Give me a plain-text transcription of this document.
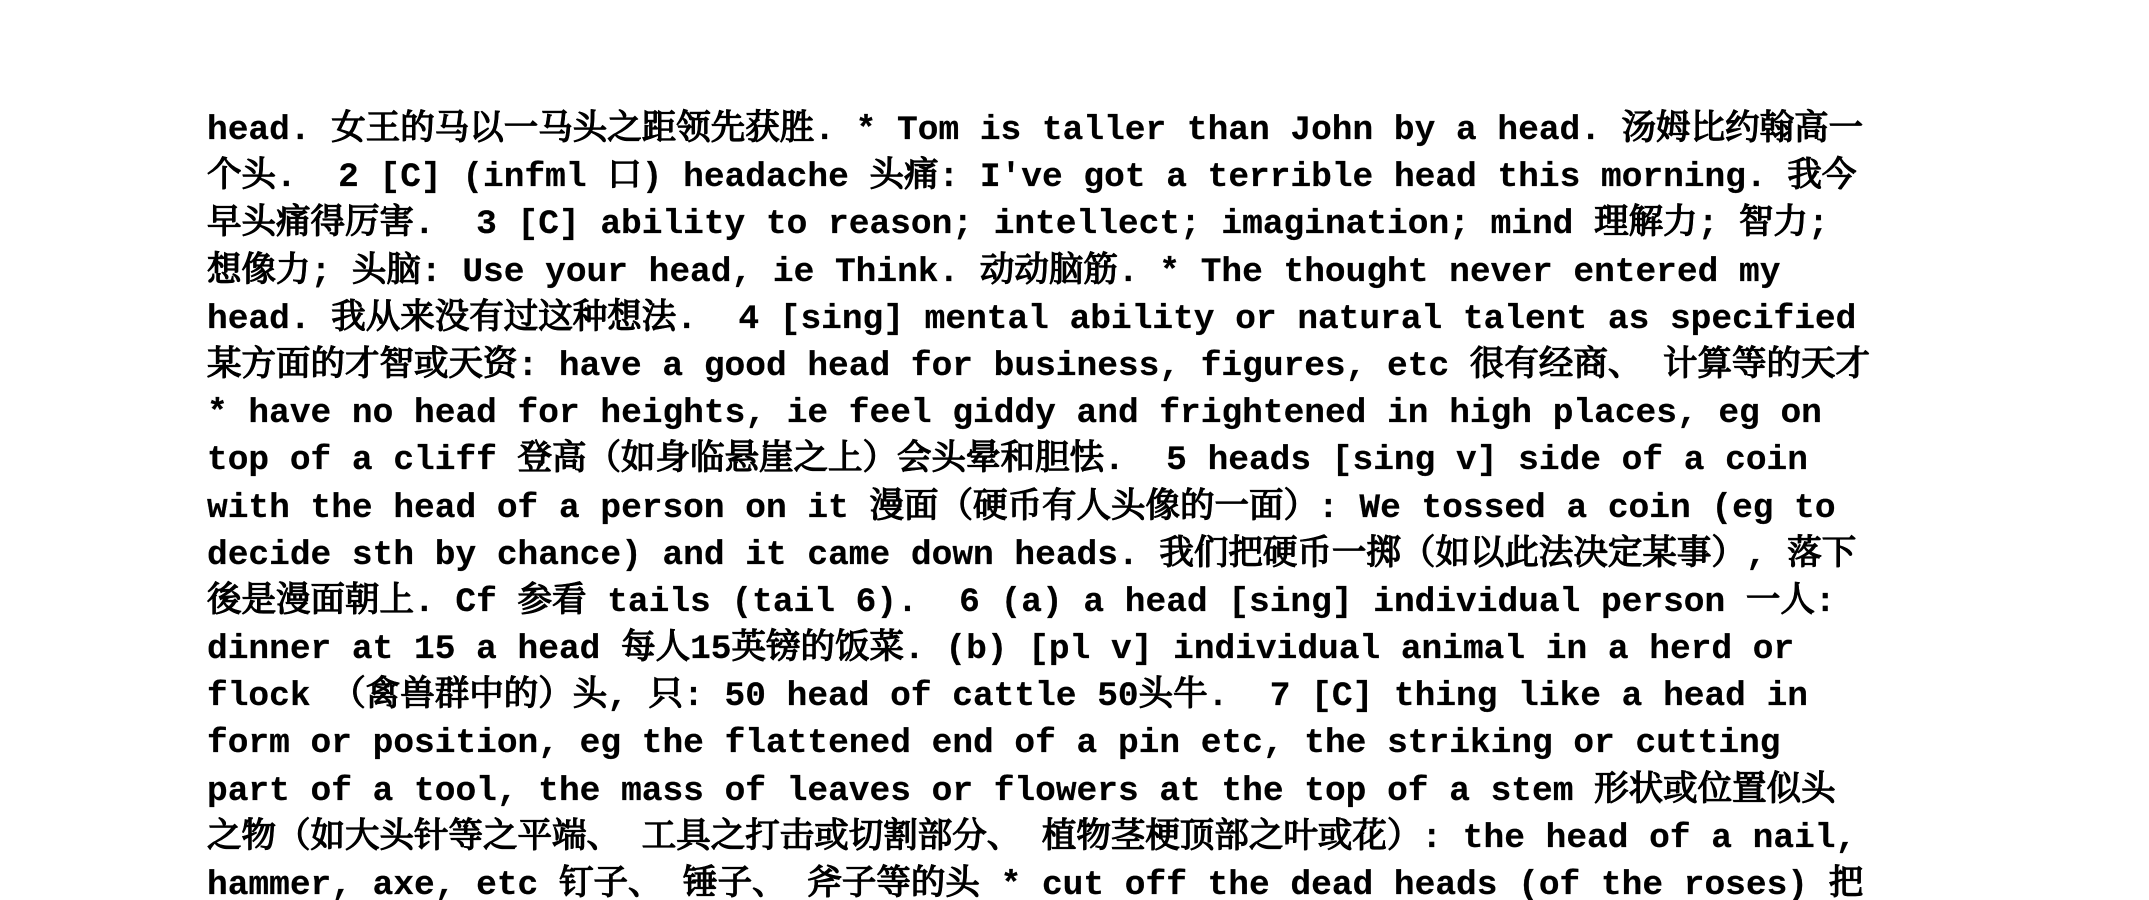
head. 女王的马以一马头之距领先获胜. * Tom is taller than John by a head. 汤姆比约翰高一
个头.  2 [C] (infml 口) headache 头痛: I've got a terrible head this morning. 我今
早头痛得厉害.  3 [C] ability to reason; intellect; imagination; mind 理解力; 智力;
想像力; 头脑: Use your head, ie Think. 动动脑筋. * The thought never entered my
head. 我从来没有过这种想法.  4 [sing] mental ability or natural talent as specified
某方面的才智或天资: have a good head for business, figures, etc 很有经商、 计算等的天才
* have no head for heights, ie feel giddy and frightened in high places, eg on
top of a cliff 登高（如身临悬崖之上）会头晕和胆怯.  5 heads [sing v] side of a coin
with the head of a person on it 漫面（硬币有人头像的一面）: We tossed a coin (eg to
decide sth by chance) and it came down heads. 我们把硬币一掷（如以此法决定某事）, 落下
後是漫面朝上. Cf 参看 tails (tail 6).  6 (a) a head [sing] individual person 一人:
dinner at 15 a head 每人15英镑的饭菜. (b) [pl v] individual animal in a herd or
flock （禽兽群中的）头, 只: 50 head of cattle 50头牛.  7 [C] thing like a head in
form or position, eg the flattened end of a pin etc, the striking or cutting
part of a tool, the mass of leaves or flowers at the top of a stem 形状或位置似头
之物（如大头针等之平端、 工具之打击或切割部分、 植物茎梗顶部之叶或花）: the head of a nail,
hammer, axe, etc 钉子、 锤子、 斧子等的头 * cut off the dead heads (of the roses) 把
